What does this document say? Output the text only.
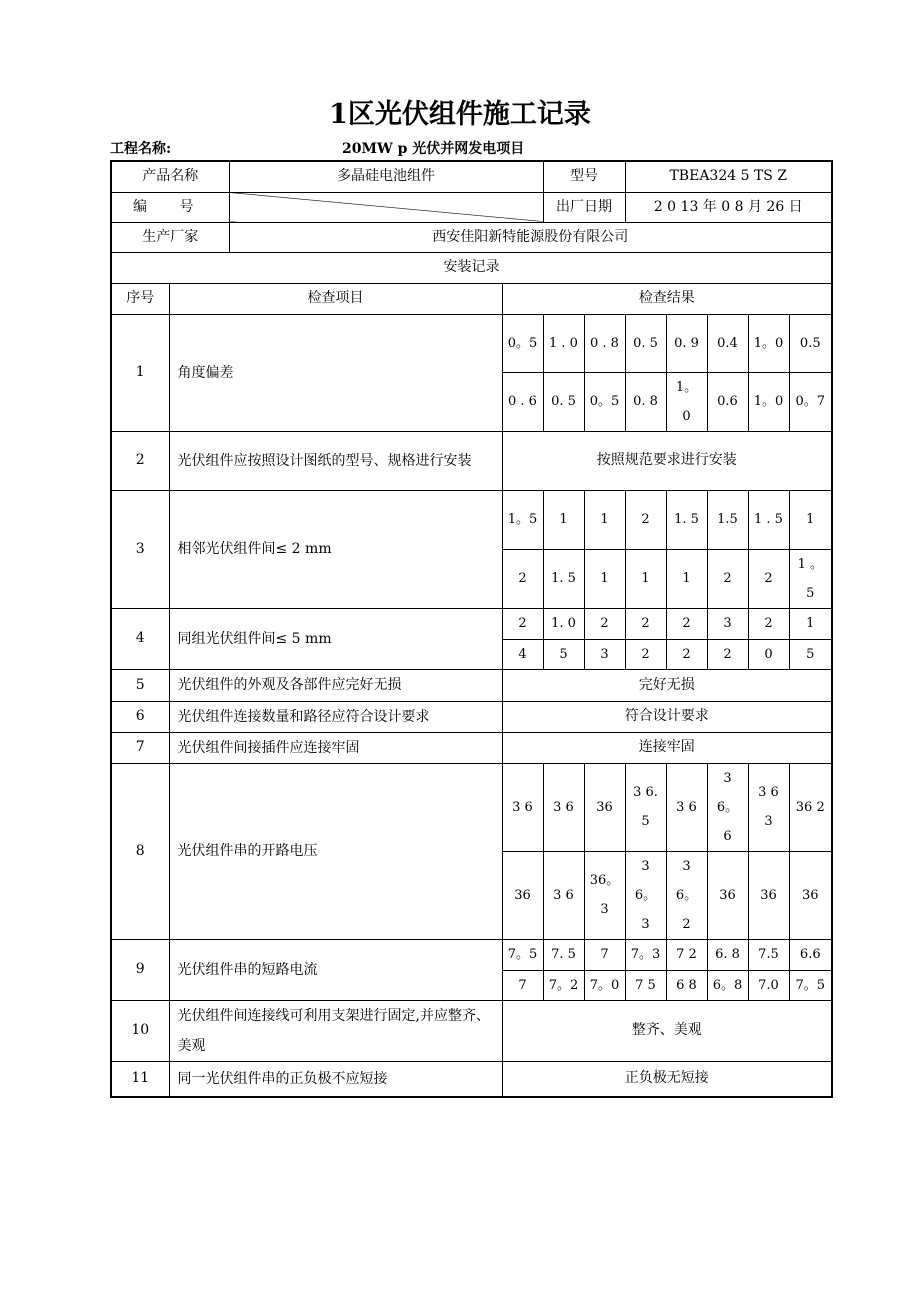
1区光伏组件施工记录
工程名称:	20MW p 光伏并网发电项目
产品名称		多晶硅电池组件		型号		TBEA324 5 TS Z				
编 号				出厂日期		2 0 13 年 0 8 月 26 日				
生产厂家		西安佳阳新特能源股份有限公司								
安装记录										
序号	检查项目		检查结果							
1	角度偏差		0。5	1 . 0	0 . 8	0. 5	0. 9	0.4	1。0	0.5
			0 . 6	0. 5	0。5	0. 8	1。 0	0.6	1。0	0。7
2	光伏组件应按照设计图纸的型号、规格进行安装		按照规范要求进行安装							
3	相邻光伏组件间≤ 2 mm		1。5	1	1	2	1. 5	1.5	1 . 5	1
			2	1. 5	1	1	1	2	2	1 。 5
4	同组光伏组件间≤ 5 mm		2	1. 0	2	2	2	3	2	1
			4	5	3	2	2	2	0	5
5	光伏组件的外观及各部件应完好无损		完好无损							
6	光伏组件连接数量和路径应符合设计要求		符合设计要求							
7	光伏组件间接插件应连接牢固		连接牢固							
8	光伏组件串的开路电压		3 6	3 6	36	3 6.5	3 6	3 6。 6	3 6 3	36 2
			36	3 6	36。3	3 6。 3	3 6。 2	36	36	36
9	光伏组件串的短路电流		7。5	7. 5	7	7。3	7 2	6. 8	7.5	6.6
			7	7。2	7。0	7 5	6 8	6。8	7.0	7。5
10	光伏组件间连接线可利用支架进行固定,并应整齐、美观		整齐、美观							
11	同一光伏组件串的正负极不应短接		正负极无短接							
